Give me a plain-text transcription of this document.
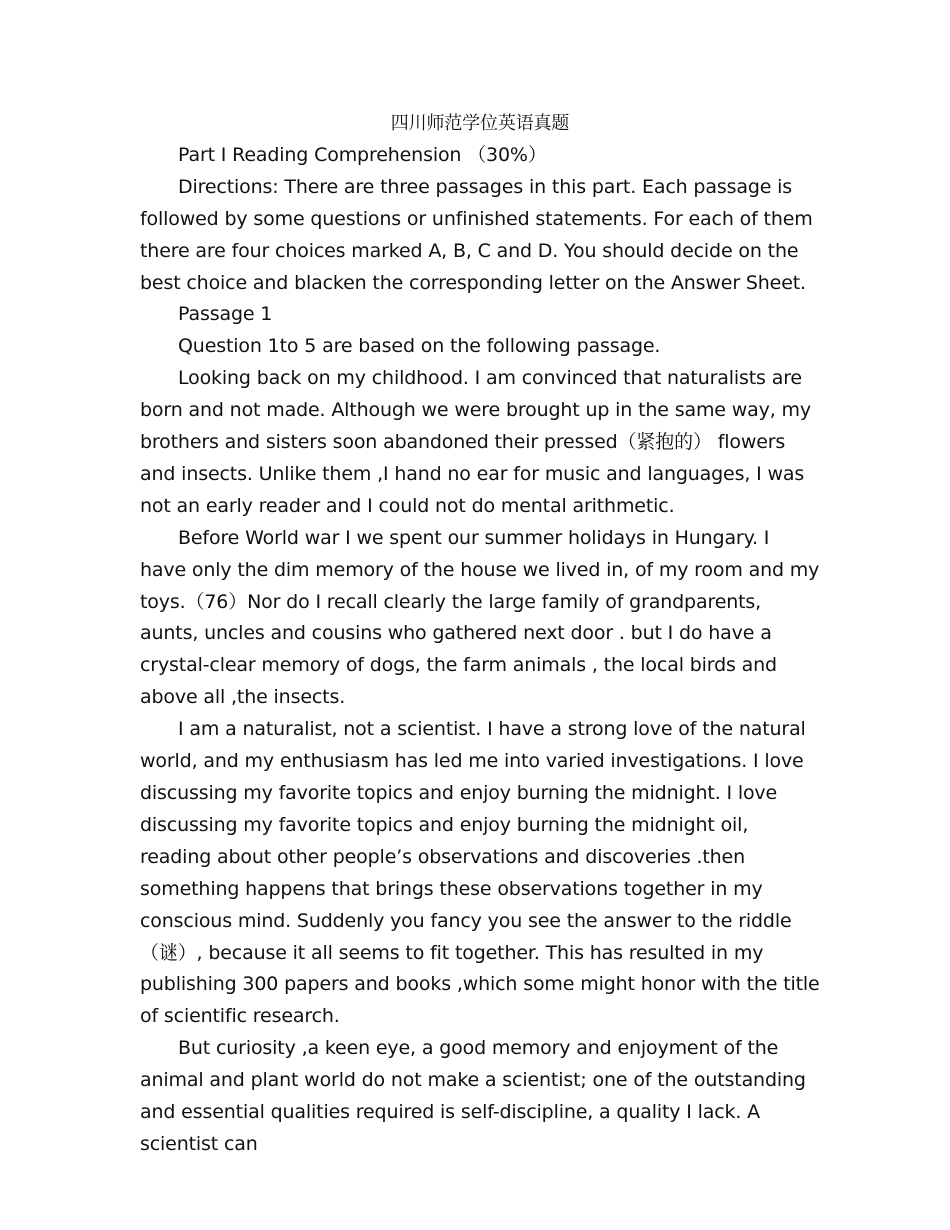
四川师范学位英语真题

Part I Reading Comprehension （30%）

Directions: There are three passages in this part. Each passage is followed by some questions or unfinished statements. For each of them there are four choices marked A, B, C and D. You should decide on the best choice and blacken the corresponding letter on the Answer Sheet.

Passage 1

Question 1to 5 are based on the following passage.

Looking back on my childhood. I am convinced that naturalists are born and not made. Although we were brought up in the same way, my brothers and sisters soon abandoned their pressed（紧抱的） flowers and insects. Unlike them ,I hand no ear for music and languages, I was not an early reader and I could not do mental arithmetic.

Before World war I we spent our summer holidays in Hungary. I have only the dim memory of the house we lived in, of my room and my toys.（76）Nor do I recall clearly the large family of grandparents, aunts, uncles and cousins who gathered next door . but I do have a crystal-clear memory of dogs, the farm animals , the local birds and above all ,the insects.

I am a naturalist, not a scientist. I have a strong love of the natural world, and my enthusiasm has led me into varied investigations. I love discussing my favorite topics and enjoy burning the midnight. I love discussing my favorite topics and enjoy burning the midnight oil, reading about other people’s observations and discoveries .then something happens that brings these observations together in my conscious mind. Suddenly you fancy you see the answer to the riddle（谜）, because it all seems to fit together. This has resulted in my publishing 300 papers and books ,which some might honor with the title of scientific research.

But curiosity ,a keen eye, a good memory and enjoyment of the animal and plant world do not make a scientist; one of the outstanding and essential qualities required is self-discipline, a quality I lack. A scientist can
